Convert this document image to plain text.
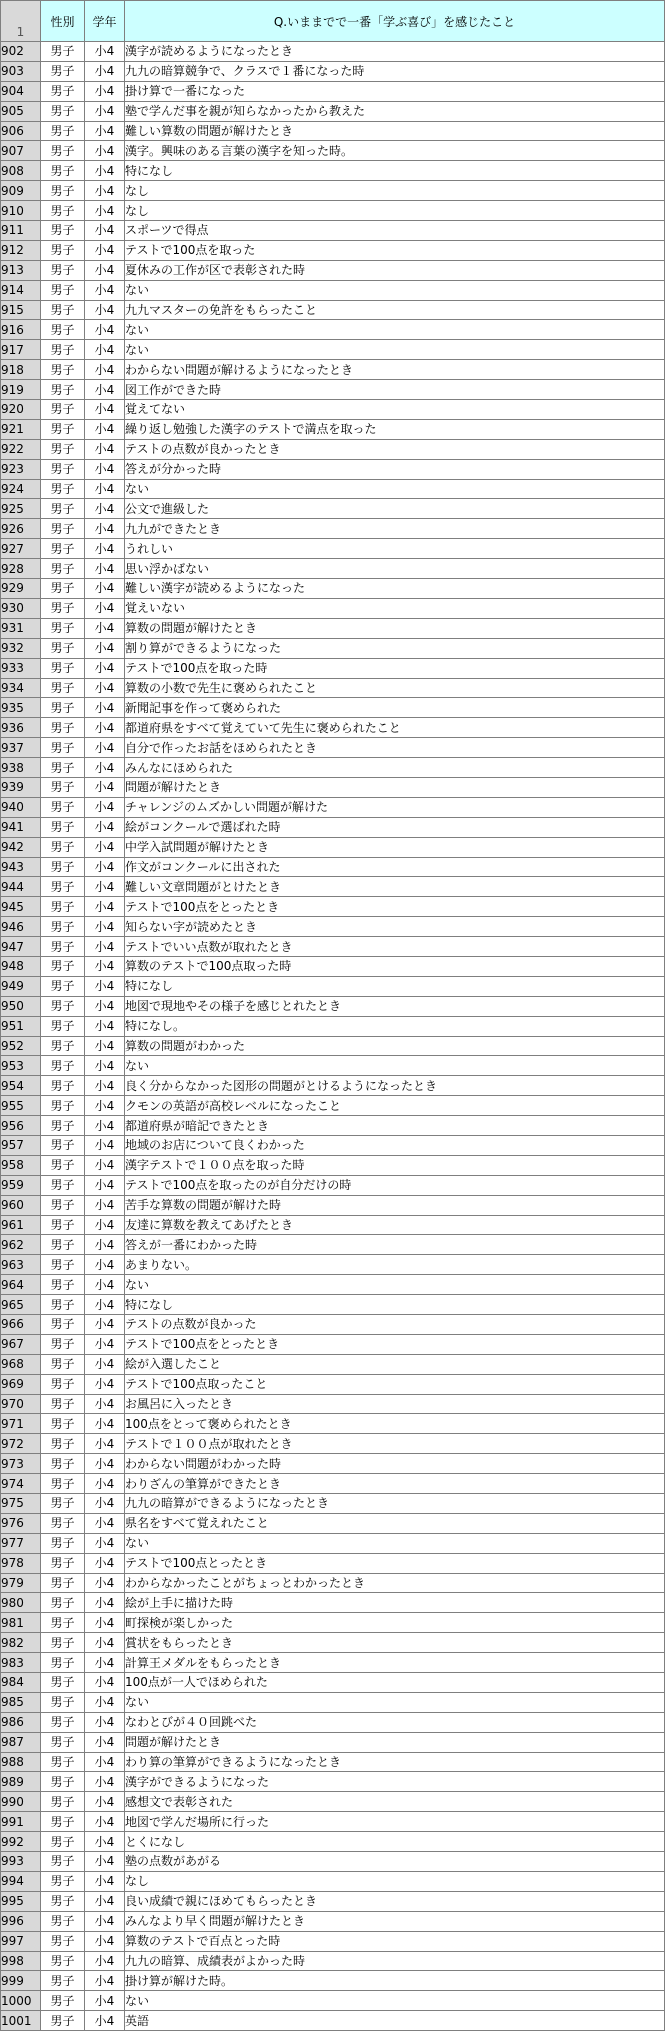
1	性別	学年	Q.いままでで一番「学ぶ喜び」を感じたこと
902	男子	小4	漢字が読めるようになったとき
903	男子	小4	九九の暗算競争で、クラスで１番になった時
904	男子	小4	掛け算で一番になった
905	男子	小4	塾で学んだ事を親が知らなかったから教えた
906	男子	小4	難しい算数の問題が解けたとき
907	男子	小4	漢字。興味のある言葉の漢字を知った時。
908	男子	小4	特になし
909	男子	小4	なし
910	男子	小4	なし
911	男子	小4	スポーツで得点
912	男子	小4	テストで100点を取った
913	男子	小4	夏休みの工作が区で表彰された時
914	男子	小4	ない
915	男子	小4	九九マスターの免許をもらったこと
916	男子	小4	ない
917	男子	小4	ない
918	男子	小4	わからない問題が解けるようになったとき
919	男子	小4	図工作ができた時
920	男子	小4	覚えてない
921	男子	小4	繰り返し勉強した漢字のテストで満点を取った
922	男子	小4	テストの点数が良かったとき
923	男子	小4	答えが分かった時
924	男子	小4	ない
925	男子	小4	公文で進級した
926	男子	小4	九九ができたとき
927	男子	小4	うれしい
928	男子	小4	思い浮かばない
929	男子	小4	難しい漢字が読めるようになった
930	男子	小4	覚えいない
931	男子	小4	算数の問題が解けたとき
932	男子	小4	割り算ができるようになった
933	男子	小4	テストで100点を取った時
934	男子	小4	算数の小数で先生に褒められたこと
935	男子	小4	新聞記事を作って褒められた
936	男子	小4	都道府県をすべて覚えていて先生に褒められたこと
937	男子	小4	自分で作ったお話をほめられたとき
938	男子	小4	みんなにほめられた
939	男子	小4	問題が解けたとき
940	男子	小4	チャレンジのムズかしい問題が解けた
941	男子	小4	絵がコンクールで選ばれた時
942	男子	小4	中学入試問題が解けたとき
943	男子	小4	作文がコンクールに出された
944	男子	小4	難しい文章問題がとけたとき
945	男子	小4	テストで100点をとったとき
946	男子	小4	知らない字が読めたとき
947	男子	小4	テストでいい点数が取れたとき
948	男子	小4	算数のテストで100点取った時
949	男子	小4	特になし
950	男子	小4	地図で現地やその様子を感じとれたとき
951	男子	小4	特になし。
952	男子	小4	算数の問題がわかった
953	男子	小4	ない
954	男子	小4	良く分からなかった図形の問題がとけるようになったとき
955	男子	小4	クモンの英語が高校レベルになったこと
956	男子	小4	都道府県が暗記できたとき
957	男子	小4	地域のお店について良くわかった
958	男子	小4	漢字テストで１００点を取った時
959	男子	小4	テストで100点を取ったのが自分だけの時
960	男子	小4	苦手な算数の問題が解けた時
961	男子	小4	友達に算数を教えてあげたとき
962	男子	小4	答えが一番にわかった時
963	男子	小4	あまりない。
964	男子	小4	ない
965	男子	小4	特になし
966	男子	小4	テストの点数が良かった
967	男子	小4	テストで100点をとったとき
968	男子	小4	絵が入選したこと
969	男子	小4	テストで100点取ったこと
970	男子	小4	お風呂に入ったとき
971	男子	小4	100点をとって褒められたとき
972	男子	小4	テストで１００点が取れたとき
973	男子	小4	わからない問題がわかった時
974	男子	小4	わりざんの筆算ができたとき
975	男子	小4	九九の暗算ができるようになったとき
976	男子	小4	県名をすべて覚えれたこと
977	男子	小4	ない
978	男子	小4	テストで100点とったとき
979	男子	小4	わからなかったことがちょっとわかったとき
980	男子	小4	絵が上手に描けた時
981	男子	小4	町探検が楽しかった
982	男子	小4	賞状をもらったとき
983	男子	小4	計算王メダルをもらったとき
984	男子	小4	100点が一人でほめられた
985	男子	小4	ない
986	男子	小4	なわとびが４０回跳べた
987	男子	小4	問題が解けたとき
988	男子	小4	わり算の筆算ができるようになったとき
989	男子	小4	漢字ができるようになった
990	男子	小4	感想文で表彰された
991	男子	小4	地図で学んだ場所に行った
992	男子	小4	とくになし
993	男子	小4	塾の点数があがる
994	男子	小4	なし
995	男子	小4	良い成績で親にほめてもらったとき
996	男子	小4	みんなより早く問題が解けたとき
997	男子	小4	算数のテストで百点とった時
998	男子	小4	九九の暗算、成績表がよかった時
999	男子	小4	掛け算が解けた時。
1000	男子	小4	ない
1001	男子	小4	英語
